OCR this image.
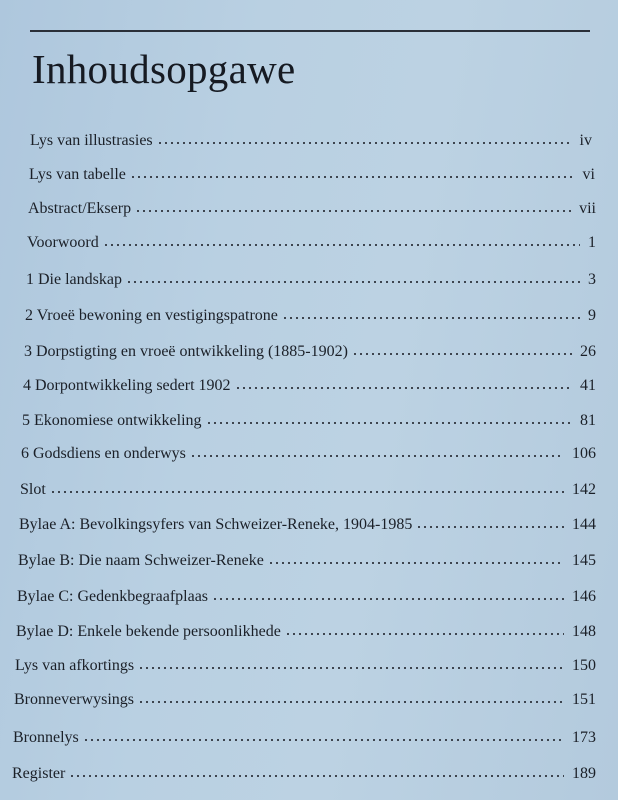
Inhoudsopgawe
Lys van illustrasies	iv
Lys van tabelle	vi
Abstract/Ekserp	vii
Voorwoord	1
1 Die landskap	3
2 Vroeë bewoning en vestigingspatrone	9
3 Dorpstigting en vroeë ontwikkeling (1885-1902)	26
4 Dorpontwikkeling sedert 1902	41
5 Ekonomiese ontwikkeling	81
6 Godsdiens en onderwys	106
Slot	142
Bylae A: Bevolkingsyfers van Schweizer-Reneke, 1904-1985	144
Bylae B: Die naam Schweizer-Reneke	145
Bylae C: Gedenkbegraafplaas	146
Bylae D: Enkele bekende persoonlikhede	148
Lys van afkortings	150
Bronneverwysings	151
Bronnelys	173
Register	189
